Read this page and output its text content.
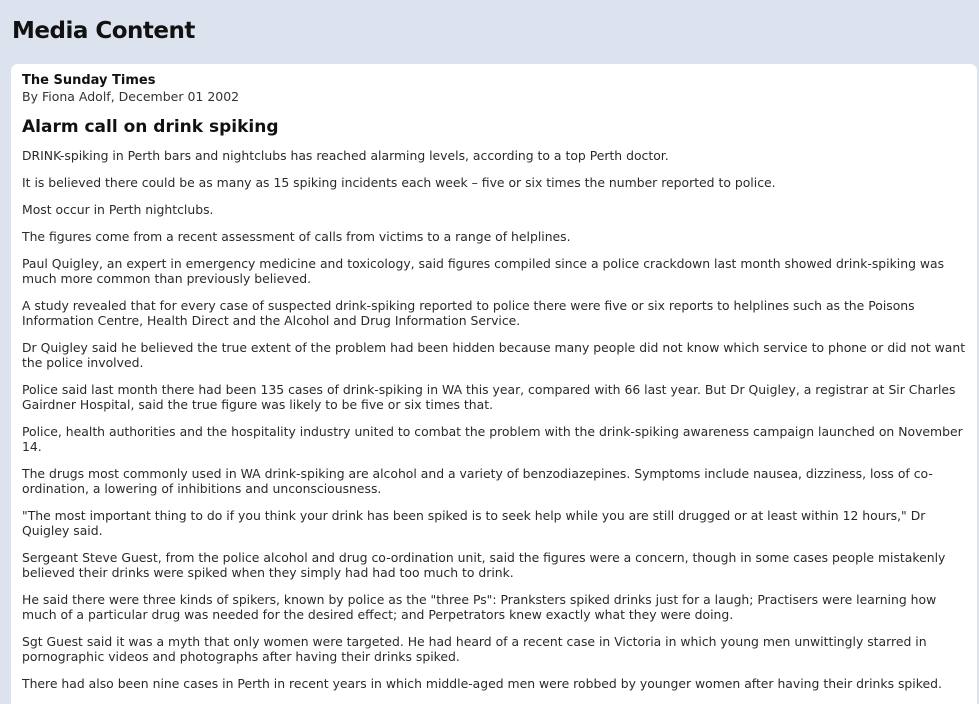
Media Content
The Sunday Times
By Fiona Adolf, December 01 2002
Alarm call on drink spiking

DRINK-spiking in Perth bars and nightclubs has reached alarming levels, according to a top Perth doctor.

It is believed there could be as many as 15 spiking incidents each week – five or six times the number reported to police.

Most occur in Perth nightclubs.

The figures come from a recent assessment of calls from victims to a range of helplines.

Paul Quigley, an expert in emergency medicine and toxicology, said figures compiled since a police crackdown last month showed drink-spiking was much more common than previously believed.

A study revealed that for every case of suspected drink-spiking reported to police there were five or six reports to helplines such as the Poisons Information Centre, Health Direct and the Alcohol and Drug Information Service.

Dr Quigley said he believed the true extent of the problem had been hidden because many people did not know which service to phone or did not want the police involved.

Police said last month there had been 135 cases of drink-spiking in WA this year, compared with 66 last year. But Dr Quigley, a registrar at Sir Charles Gairdner Hospital, said the true figure was likely to be five or six times that.

Police, health authorities and the hospitality industry united to combat the problem with the drink-spiking awareness campaign launched on November 14.

The drugs most commonly used in WA drink-spiking are alcohol and a variety of benzodiazepines. Symptoms include nausea, dizziness, loss of co-ordination, a lowering of inhibitions and unconsciousness.

"The most important thing to do if you think your drink has been spiked is to seek help while you are still drugged or at least within 12 hours," Dr Quigley said.

Sergeant Steve Guest, from the police alcohol and drug co-ordination unit, said the figures were a concern, though in some cases people mistakenly believed their drinks were spiked when they simply had had too much to drink.

He said there were three kinds of spikers, known by police as the "three Ps": Pranksters spiked drinks just for a laugh; Practisers were learning how much of a particular drug was needed for the desired effect; and Perpetrators knew exactly what they were doing.

Sgt Guest said it was a myth that only women were targeted. He had heard of a recent case in Victoria in which young men unwittingly starred in pornographic videos and photographs after having their drinks spiked.

There had also been nine cases in Perth in recent years in which middle-aged men were robbed by younger women after having their drinks spiked.
